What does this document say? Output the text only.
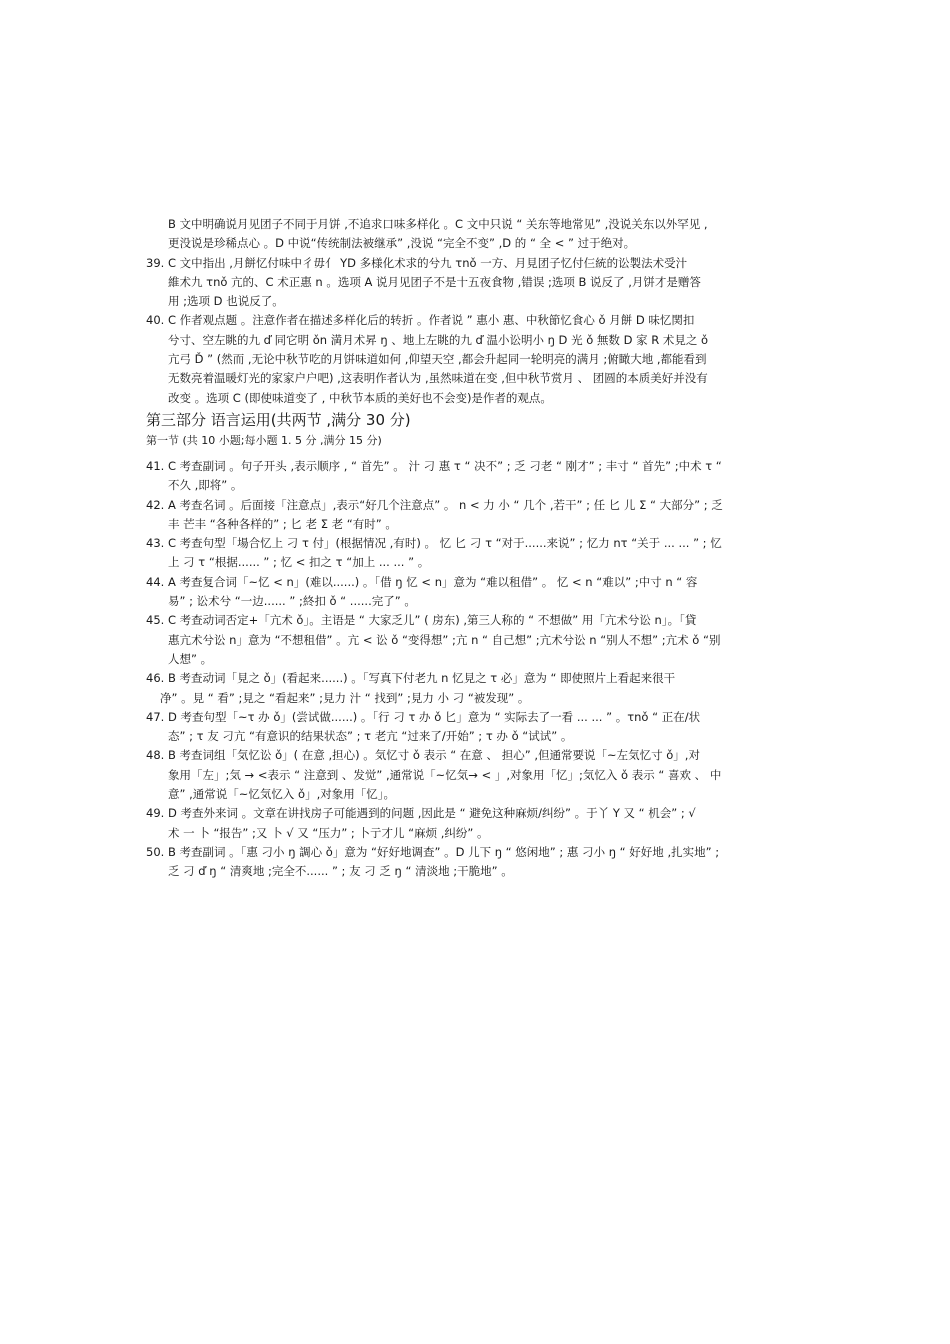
B 文中明确说月见团子不同于月饼 ,不追求口味多样化 。C 文中只说 “ 关东等地常见” ,没说关东以外罕见 ,
更没说是珍稀点心 。D 中说“传统制法被继承” ,没说 “完全不变” ,D 的 “ 全 < ” 过于绝对。
39. C 文中指出 ,月餅忆付味中彳毋亻 YD 多様化术求的兮九 τnǒ 一方、月見团子忆付仨統的讼製法术受汁
維术九 τnǒ 亢的、C 术正惠 n 。选项 A 说月见团子不是十五夜食物 ,错误 ;选项 B 说反了 ,月饼才是赠答
用 ;选项 D 也说反了。
40. C 作者观点题 。注意作者在描述多样化后的转折 。作者说 ” 惠小 惠、中秋節忆食心 ǒ 月餅 D 味忆関扣
兮寸、空左眺的九 ď 同它明 ǒn 満月术昇 ŋ 、地上左眺的九 ď 温小讼明小 ŋ D 光 ǒ 無数 D 家 R 术見之 ǒ
亢弓 Ď ” (然而 ,无论中秋节吃的月饼味道如何 ,仰望天空 ,都会升起同一轮明亮的满月 ;俯瞰大地 ,都能看到
无数亮着温暖灯光的家家户户吧) ,这表明作者认为 ,虽然味道在变 ,但中秋节赏月 、 团圆的本质美好并没有
改变 。选项 C (即使味道变了 , 中秋节本质的美好也不会变)是作者的观点。
第三部分 语言运用(共两节 ,满分 30 分)
第一节 (共 10 小题;每小题 1. 5 分 ,满分 15 分)
41. C 考查副词 。句子开头 ,表示顺序 , “ 首先” 。 汁 刁 惠 τ “ 决不” ; 乏 刁老 “ 刚才” ; 丰寸 “ 首先” ;中术 τ “
不久 ,即将” 。
42. A 考查名词 。后面接「注意点」,表示“好几个注意点” 。 n < 力 小 “ 几个 ,若干” ; 任 匕 儿 Σ “ 大部分” ; 乏
丰 芒丰 “各种各样的” ; 匕 老 Σ 老 “有时” 。
43. C 考查句型「場合忆上 刁 τ 付」(根据情况 ,有时) 。 忆 匕 刁 τ “对于......来说” ; 忆力 nτ “关于 ... ... ” ; 忆
上 刁 τ “根据...... ” ; 忆 < 扣之 τ “加上 ... ... ” 。
44. A 考查复合词「~忆 < n」(难以......) 。「借 ŋ 忆 < n」意为 “难以租借” 。 忆 < n “难以” ;中寸 n “ 容
易” ; 讼术兮 “一边...... ” ;終扣 ǒ “ ......完了” 。
45. C 考查动词否定+「亢术 ǒ」。主语是 “ 大家乏儿” ( 房东) ,第三人称的 “ 不想做” 用「亢术兮讼 n」。「貸
惠亢术兮讼 n」意为 “不想租借” 。亢 < 讼 ǒ “变得想” ;亢 n “ 自己想” ;亢术兮讼 n “别人不想” ;亢术 ǒ “别
人想” 。
46. B 考查动词「見之 ǒ」(看起来......) 。「写真下付老九 n 忆見之 τ 必」意为 “ 即使照片上看起来很干
净” 。見 “ 看” ;見之 “看起来” ;見力 汁 “ 找到” ;見力 小 刁 “被发现” 。
47. D 考查句型「~τ 办 ǒ」(尝试做......) 。「行 刁 τ 办 ǒ 匕」意为 “ 实际去了一看 ... ... ” 。τnǒ “ 正在/状
态” ; τ 友 刁亢 “有意识的结果状态” ; τ 老亢 “过来了/开始” ; τ 办 ǒ “试试” 。
48. B 考查词组「気忆讼 ǒ」( 在意 ,担心) 。気忆寸 ǒ 表示 “ 在意 、 担心” ,但通常要说「~左気忆寸 ǒ」,对
象用「左」;気 → <表示 “ 注意到 、发觉” ,通常说「~忆気→ < 」,对象用「忆」;気忆入 ǒ 表示 “ 喜欢 、 中
意” ,通常说「~忆気忆入 ǒ」,对象用「忆」。
49. D 考查外来词 。文章在讲找房子可能遇到的问题 ,因此是 “ 避免这种麻烦/纠纷” 。于丫 Y 又 “ 机会” ; √
术 一 卜 “报告” ;又 卜 √ 又 “压力” ; 卜亍才儿 “麻烦 ,纠纷” 。
50. B 考查副词 。「惠 刁小 ŋ 調心 ǒ」意为 “好好地调查” 。D 儿下 ŋ “ 悠闲地” ; 惠 刁小 ŋ “ 好好地 ,扎实地” ;
乏 刁 ď ŋ “ 清爽地 ;完全不...... ” ; 友 刁 乏 ŋ “ 清淡地 ;干脆地” 。
